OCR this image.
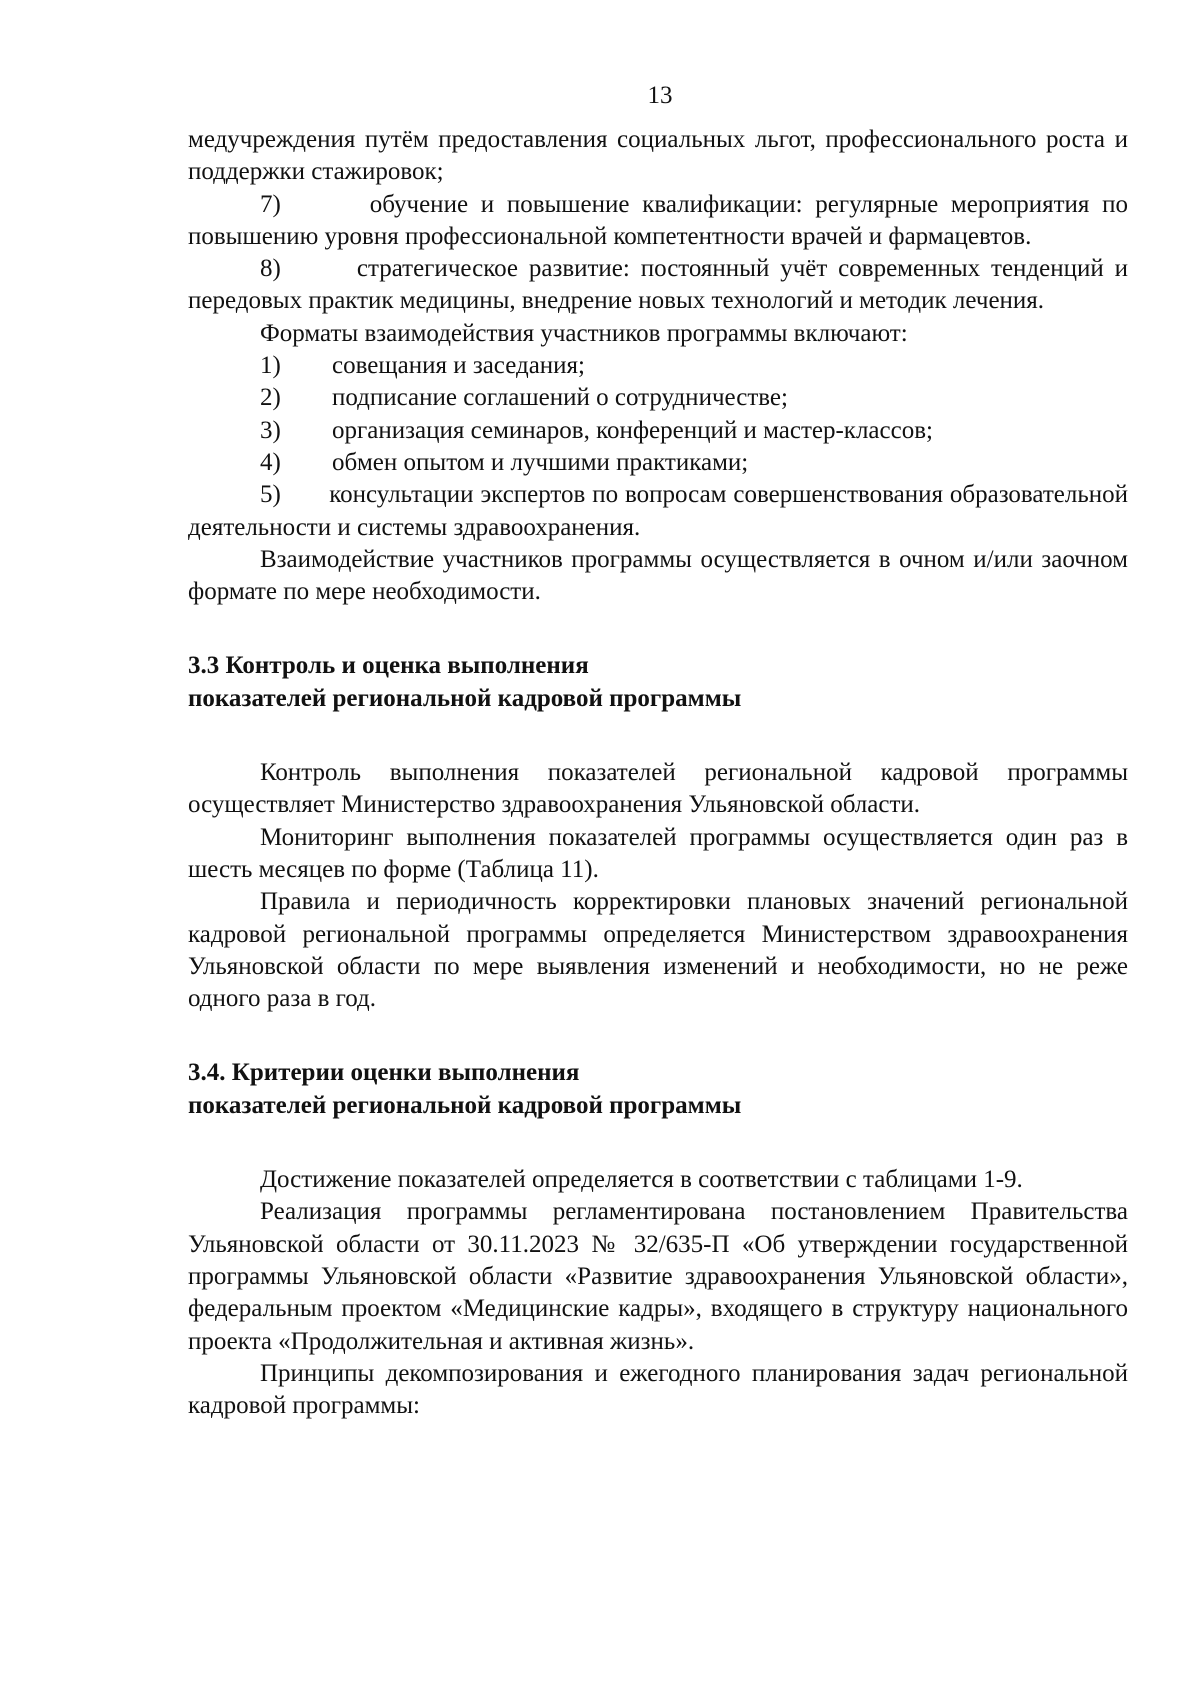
13

медучреждения путём предоставления социальных льгот, профессионального роста и поддержки стажировок;

7)       обучение и повышение квалификации: регулярные мероприятия по повышению уровня профессиональной компетентности врачей и фармацевтов.

8)       стратегическое развитие: постоянный учёт современных тенденций и передовых практик медицины, внедрение новых технологий и методик лечения.

Форматы взаимодействия участников программы включают:

1) совещания и заседания;

2) подписание соглашений о сотрудничестве;

3) организация семинаров, конференций и мастер-классов;

4) обмен опытом и лучшими практиками;

5)       консультации экспертов по вопросам совершенствования образовательной деятельности и системы здравоохранения.

Взаимодействие участников программы осуществляется в очном и/или заочном формате по мере необходимости.

3.3 Контроль и оценка выполнения

показателей региональной кадровой программы

Контроль выполнения показателей региональной кадровой программы осуществляет Министерство здравоохранения Ульяновской области.

Мониторинг выполнения показателей программы осуществляется один раз в шесть месяцев по форме (Таблица 11).

Правила и периодичность корректировки плановых значений региональной кадровой региональной программы определяется Министерством здравоохранения Ульяновской области по мере выявления изменений и необходимости, но не реже одного раза в год.

3.4. Критерии оценки выполнения

показателей региональной кадровой программы

Достижение показателей определяется в соответствии с таблицами 1-9.

Реализация программы регламентирована постановлением Правительства Ульяновской области от 30.11.2023 № 32/635-П «Об утверждении государственной программы Ульяновской области «Развитие здравоохранения Ульяновской области», федеральным проектом «Медицинские кадры», входящего в структуру национального проекта «Продолжительная и активная жизнь».

Принципы декомпозирования и ежегодного планирования задач региональной кадровой программы:
